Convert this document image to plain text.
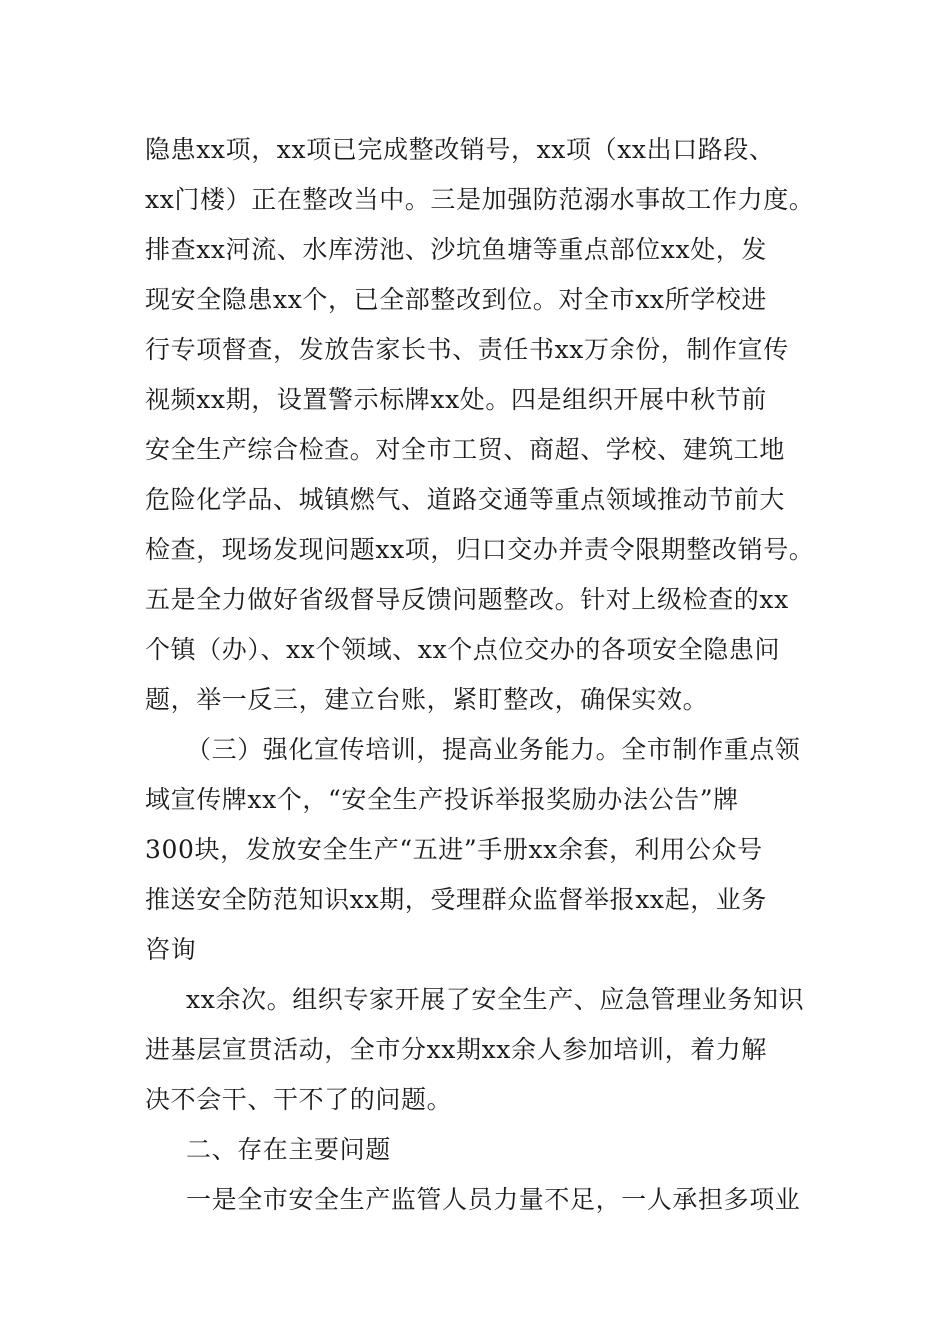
隐患xx项，xx项已完成整改销号，xx项（xx出口路段、
xx门楼）正在整改当中。三是加强防范溺水事故工作力度。
排查xx河流、水库涝池、沙坑鱼塘等重点部位xx处，发
现安全隐患xx个，已全部整改到位。对全市xx所学校进
行专项督查，发放告家长书、责任书xx万余份，制作宣传
视频xx期，设置警示标牌xx处。四是组织开展中秋节前
安全生产综合检查。对全市工贸、商超、学校、建筑工地
危险化学品、城镇燃气、道路交通等重点领域推动节前大
检查，现场发现问题xx项，归口交办并责令限期整改销号。
五是全力做好省级督导反馈问题整改。针对上级检查的xx
个镇（办）、xx个领域、xx个点位交办的各项安全隐患问
题，举一反三，建立台账，紧盯整改，确保实效。
（三）强化宣传培训，提高业务能力。全市制作重点领
域宣传牌xx个，“安全生产投诉举报奖励办法公告”牌
300块，发放安全生产“五进”手册xx余套，利用公众号
推送安全防范知识xx期，受理群众监督举报xx起，业务
咨询
xx余次。组织专家开展了安全生产、应急管理业务知识
进基层宣贯活动，全市分xx期xx余人参加培训，着力解
决不会干、干不了的问题。
二、存在主要问题
一是全市安全生产监管人员力量不足，一人承担多项业
